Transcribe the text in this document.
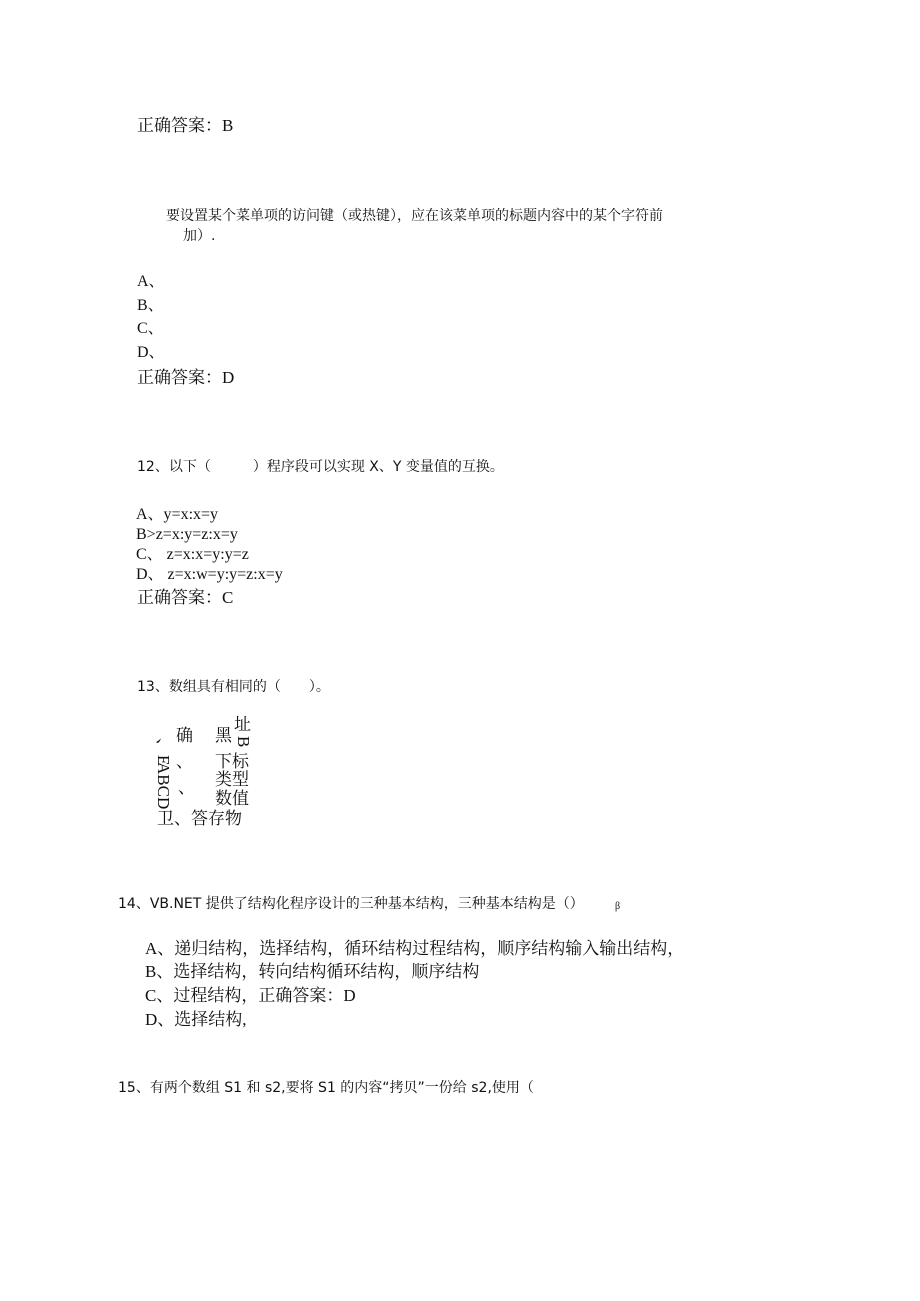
正确答案：B
要设置某个菜单项的访问键（或热键），应在该菜单项的标题内容中的某个字符前
加）.
A、
B、
C、
D、
正确答案：D
12、以下（　　　）程序段可以实现 X、Y 变量值的互换。
A、y=x:x=y
B>z=x:y=z:x=y
C、 z=x:x=y:y=z
D、 z=x:w=y:y=z:x=y
正确答案：C
13、数组具有相同的（　　）。
确 黑
址
B
、E
ABCD
、 下标
、 类型
数值
卫、答存物
14、VB.NET 提供了结构化程序设计的三种基本结构，三种基本结构是（）	β
A、递归结构，选择结构，循环结构过程结构，顺序结构输入输出结构，
B、选择结构，转向结构循环结构，顺序结构
C、过程结构，正确答案：D
D、选择结构,
15、有两个数组 S1 和 s2,要将 S1 的内容“拷贝”一份给 s2,使用（
